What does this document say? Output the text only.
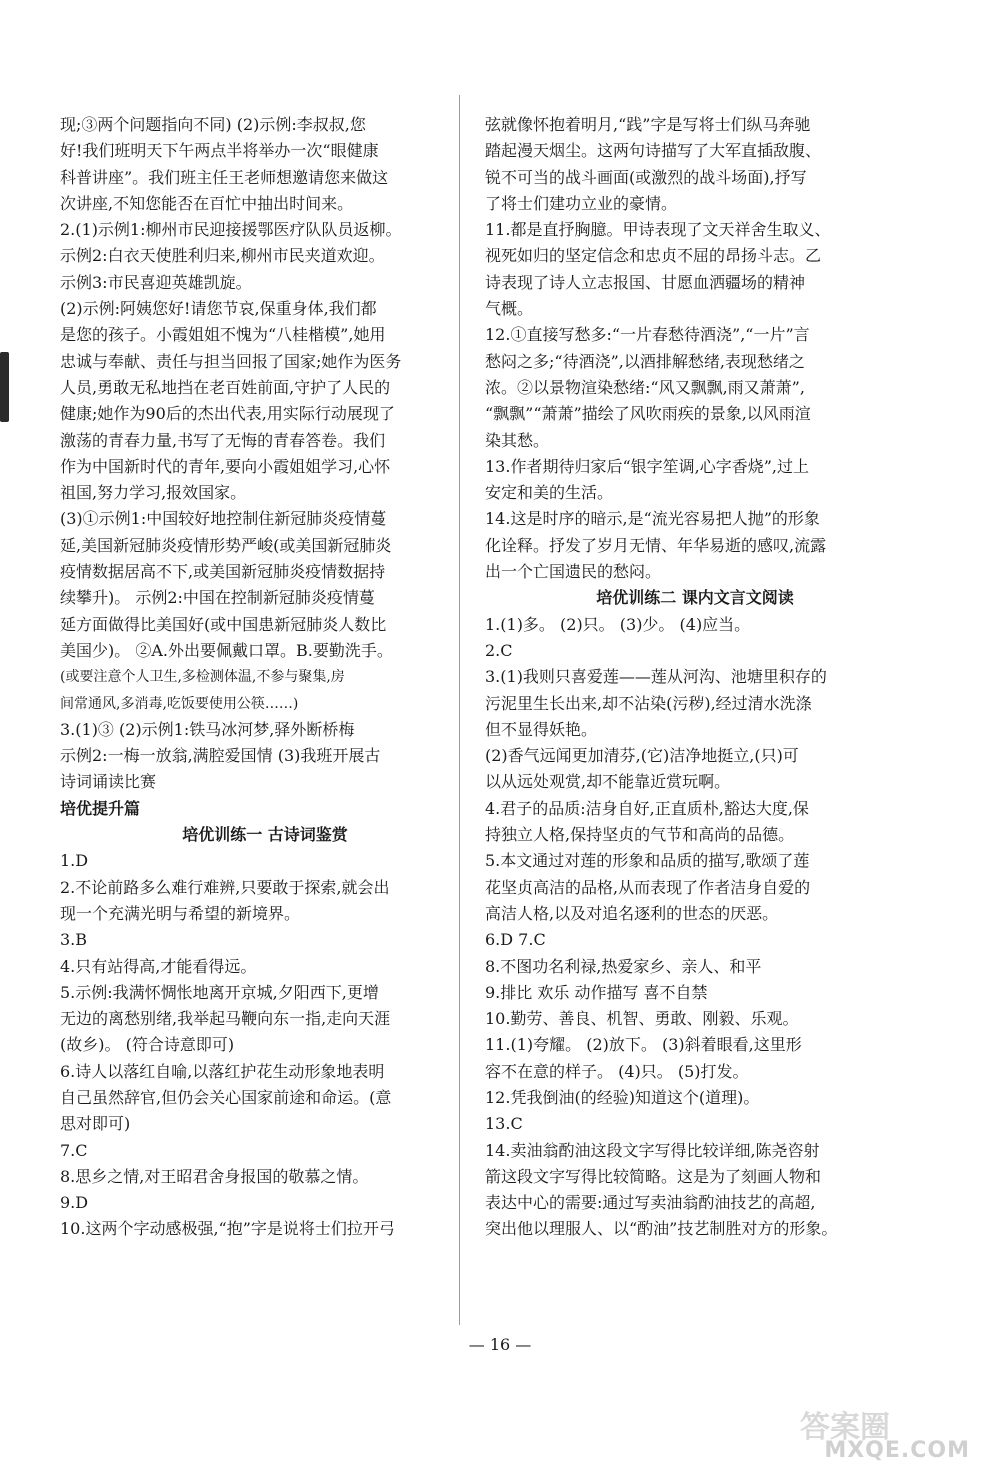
现;③两个问题指向不同) (2)示例:李叔叔,您
好!我们班明天下午两点半将举办一次“眼健康
科普讲座”。我们班主任王老师想邀请您来做这
次讲座,不知您能否在百忙中抽出时间来。
2.(1)示例1:柳州市民迎接援鄂医疗队队员返柳。
示例2:白衣天使胜利归来,柳州市民夹道欢迎。
示例3:市民喜迎英雄凯旋。
(2)示例:阿姨您好!请您节哀,保重身体,我们都
是您的孩子。小霞姐姐不愧为“八桂楷模”,她用
忠诚与奉献、责任与担当回报了国家;她作为医务
人员,勇敢无私地挡在老百姓前面,守护了人民的
健康;她作为90后的杰出代表,用实际行动展现了
激荡的青春力量,书写了无悔的青春答卷。我们
作为中国新时代的青年,要向小霞姐姐学习,心怀
祖国,努力学习,报效国家。
(3)①示例1:中国较好地控制住新冠肺炎疫情蔓
延,美国新冠肺炎疫情形势严峻(或美国新冠肺炎
疫情数据居高不下,或美国新冠肺炎疫情数据持
续攀升)。 示例2:中国在控制新冠肺炎疫情蔓
延方面做得比美国好(或中国患新冠肺炎人数比
美国少)。 ②A.外出要佩戴口罩。B.要勤洗手。
(或要注意个人卫生,多检测体温,不参与聚集,房
间常通风,多消毒,吃饭要使用公筷……)
3.(1)③ (2)示例1:铁马冰河梦,驿外断桥梅
示例2:一梅一放翁,满腔爱国情 (3)我班开展古
诗词诵读比赛
培优提升篇
培优训练一 古诗词鉴赏
1.D
2.不论前路多么难行难辨,只要敢于探索,就会出
现一个充满光明与希望的新境界。
3.B
4.只有站得高,才能看得远。
5.示例:我满怀惆怅地离开京城,夕阳西下,更增
无边的离愁别绪,我举起马鞭向东一指,走向天涯
(故乡)。 (符合诗意即可)
6.诗人以落红自喻,以落红护花生动形象地表明
自己虽然辞官,但仍会关心国家前途和命运。(意
思对即可)
7.C
8.思乡之情,对王昭君舍身报国的敬慕之情。
9.D
10.这两个字动感极强,“抱”字是说将士们拉开弓
弦就像怀抱着明月,“践”字是写将士们纵马奔驰
踏起漫天烟尘。这两句诗描写了大军直插敌腹、
锐不可当的战斗画面(或激烈的战斗场面),抒写
了将士们建功立业的豪情。
11.都是直抒胸臆。甲诗表现了文天祥舍生取义、
视死如归的坚定信念和忠贞不屈的昂扬斗志。乙
诗表现了诗人立志报国、甘愿血洒疆场的精神
气概。
12.①直接写愁多:“一片春愁待酒浇”,“一片”言
愁闷之多;“待酒浇”,以酒排解愁绪,表现愁绪之
浓。②以景物渲染愁绪:“风又飘飘,雨又萧萧”,
“飘飘”“萧萧”描绘了风吹雨疾的景象,以风雨渲
染其愁。
13.作者期待归家后“银字笙调,心字香烧”,过上
安定和美的生活。
14.这是时序的暗示,是“流光容易把人抛”的形象
化诠释。抒发了岁月无情、年华易逝的感叹,流露
出一个亡国遗民的愁闷。
培优训练二 课内文言文阅读
1.(1)多。 (2)只。 (3)少。 (4)应当。
2.C
3.(1)我则只喜爱莲——莲从河沟、池塘里积存的
污泥里生长出来,却不沾染(污秽),经过清水洗涤
但不显得妖艳。
(2)香气远闻更加清芬,(它)洁净地挺立,(只)可
以从远处观赏,却不能靠近赏玩啊。
4.君子的品质:洁身自好,正直质朴,豁达大度,保
持独立人格,保持坚贞的气节和高尚的品德。
5.本文通过对莲的形象和品质的描写,歌颂了莲
花坚贞高洁的品格,从而表现了作者洁身自爱的
高洁人格,以及对追名逐利的世态的厌恶。
6.D 7.C
8.不图功名利禄,热爱家乡、亲人、和平
9.排比 欢乐 动作描写 喜不自禁
10.勤劳、善良、机智、勇敢、刚毅、乐观。
11.(1)夸耀。 (2)放下。 (3)斜着眼看,这里形
容不在意的样子。 (4)只。 (5)打发。
12.凭我倒油(的经验)知道这个(道理)。
13.C
14.卖油翁酌油这段文字写得比较详细,陈尧咨射
箭这段文字写得比较简略。这是为了刻画人物和
表达中心的需要:通过写卖油翁酌油技艺的高超,
突出他以理服人、以“酌油”技艺制胜对方的形象。
— 16 —
答案圈
MXQE.COM
